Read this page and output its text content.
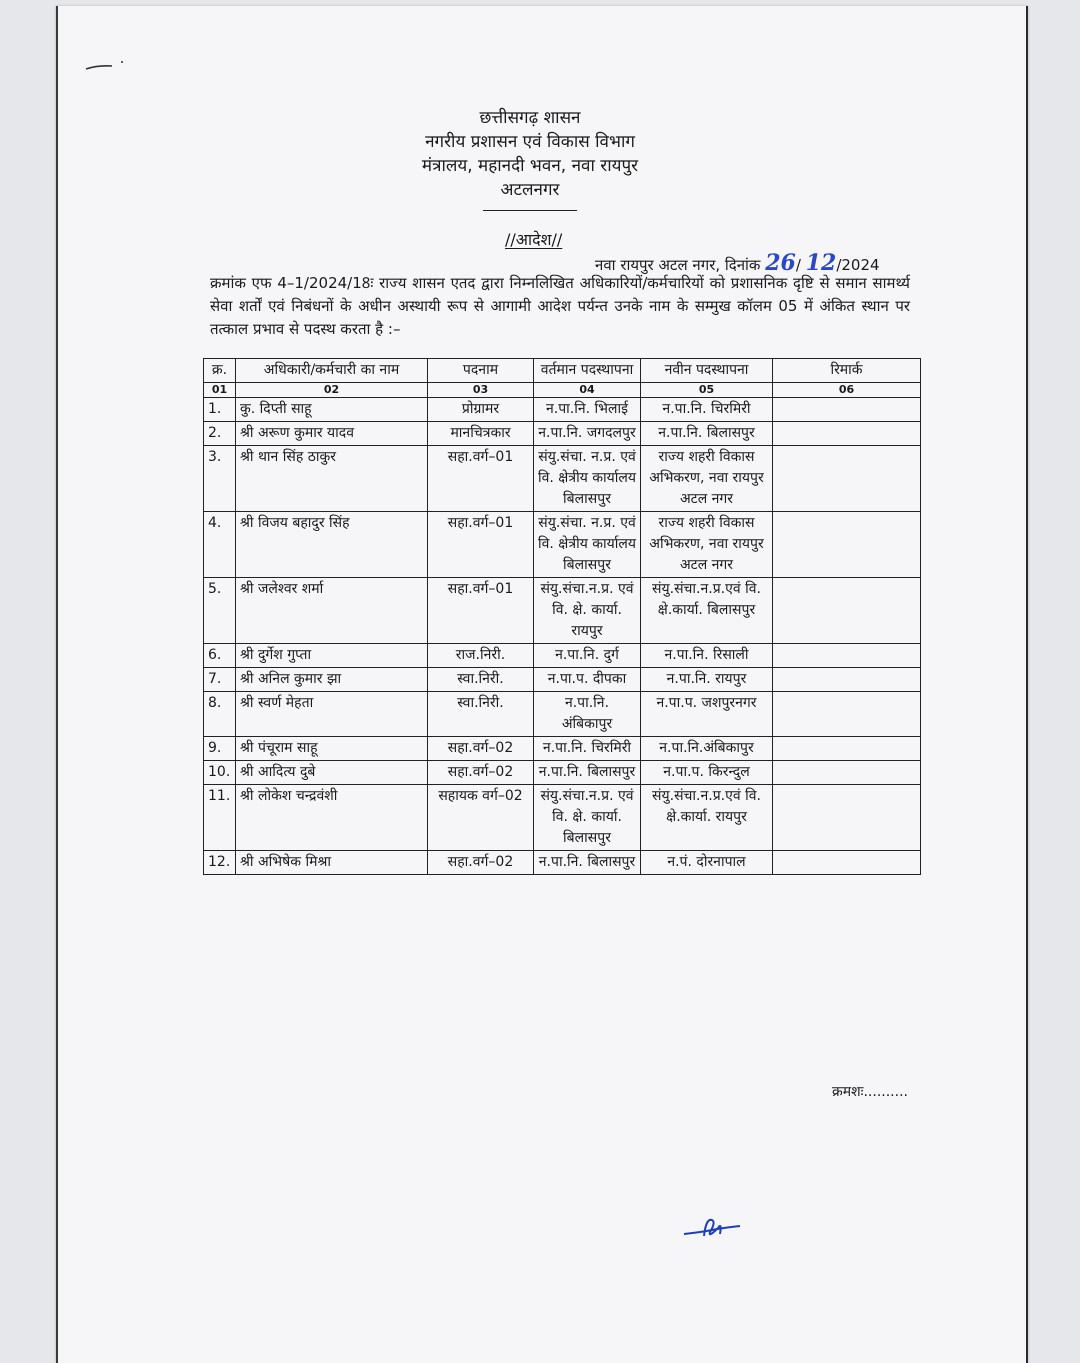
छत्तीसगढ़ शासन
नगरीय प्रशासन एवं विकास विभाग
मंत्रालय, महानदी भवन, नवा रायपुर
अटलनगर
//आदेश//
नवा रायपुर अटल नगर, दिनांक 26/ 12/2024
क्रमांक एफ 4–1/2024/18ः राज्य शासन एतद द्वारा निम्नलिखित अधिकारियों/कर्मचारियों को प्रशासनिक दृष्टि से समान सामर्थ्य सेवा शर्तों एवं निबंधनों के अधीन अस्थायी रूप से आगामी आदेश पर्यन्त उनके नाम के सम्मुख कॉलम 05 में अंकित स्थान पर तत्काल प्रभाव से पदस्थ करता है :–
क्र.	अधिकारी/कर्मचारी का नाम	पदनाम	वर्तमान पदस्थापना	नवीन पदस्थापना	रिमार्क
01	02	03	04	05	06
1.	कु. दिप्ती साहू	प्रोग्रामर	न.पा.नि. भिलाई	न.पा.नि. चिरमिरी	
2.	श्री अरूण कुमार यादव	मानचित्रकार	न.पा.नि. जगदलपुर	न.पा.नि. बिलासपुर	
3.	श्री थान सिंह ठाकुर	सहा.वर्ग–01	संयु.संचा. न.प्र. एवं वि. क्षेत्रीय कार्यालय बिलासपुर	राज्य शहरी विकास अभिकरण, नवा रायपुर अटल नगर	
4.	श्री विजय बहादुर सिंह	सहा.वर्ग–01	संयु.संचा. न.प्र. एवं वि. क्षेत्रीय कार्यालय बिलासपुर	राज्य शहरी विकास अभिकरण, नवा रायपुर अटल नगर	
5.	श्री जलेश्वर शर्मा	सहा.वर्ग–01	संयु.संचा.न.प्र. एवं वि. क्षे. कार्या. रायपुर	संयु.संचा.न.प्र.एवं वि. क्षे.कार्या. बिलासपुर	
6.	श्री दुर्गेश गुप्ता	राज.निरी.	न.पा.नि. दुर्ग	न.पा.नि. रिसाली	
7.	श्री अनिल कुमार झा	स्वा.निरी.	न.पा.प. दीपका	न.पा.नि. रायपुर	
8.	श्री स्वर्ण मेहता	स्वा.निरी.	न.पा.नि. अंबिकापुर	न.पा.प. जशपुरनगर	
9.	श्री पंचूराम साहू	सहा.वर्ग–02	न.पा.नि. चिरमिरी	न.पा.नि.अंबिकापुर	
10.	श्री आदित्य दुबे	सहा.वर्ग–02	न.पा.नि. बिलासपुर	न.पा.प. किरन्दुल	
11.	श्री लोकेश चन्द्रवंशी	सहायक वर्ग–02	संयु.संचा.न.प्र. एवं वि. क्षे. कार्या. बिलासपुर	संयु.संचा.न.प्र.एवं वि. क्षे.कार्या. रायपुर	
12.	श्री अभिषेक मिश्रा	सहा.वर्ग–02	न.पा.नि. बिलासपुर	न.पं. दोरनापाल	
क्रमशः..........
